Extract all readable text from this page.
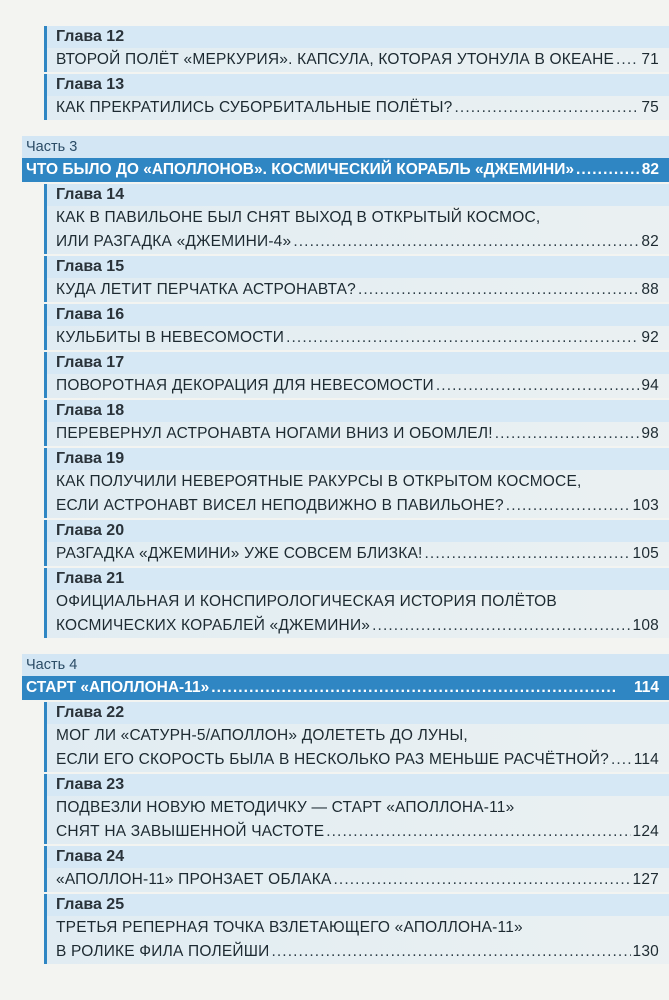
Глава 12
ВТОРОЙ ПОЛЁТ «МЕРКУРИЯ». КАПСУЛА, КОТОРАЯ УТОНУЛА В ОКЕАНЕ . . . 71
Глава 13
КАК ПРЕКРАТИЛИСЬ СУБОРБИТАЛЬНЫЕ ПОЛЁТЫ? . . .	75
Часть 3
ЧТО БЫЛО ДО «АПОЛЛОНОВ». КОСМИЧЕСКИЙ КОРАБЛЬ «ДЖЕМИНИ» . . .	82
Глава 14
КАК В ПАВИЛЬОНЕ БЫЛ СНЯТ ВЫХОД В ОТКРЫТЫЙ КОСМОС,
ИЛИ РАЗГАДКА «ДЖЕМИНИ-4» . . .	82
Глава 15
КУДА ЛЕТИТ ПЕРЧАТКА АСТРОНАВТА? . . .	88
Глава 16
КУЛЬБИТЫ В НЕВЕСОМОСТИ . . .	92
Глава 17
ПОВОРОТНАЯ ДЕКОРАЦИЯ ДЛЯ НЕВЕСОМОСТИ . . .	94
Глава 18
ПЕРЕВЕРНУЛ АСТРОНАВТА НОГАМИ ВНИЗ И ОБОМЛЕЛ! . . .	98
Глава 19
КАК ПОЛУЧИЛИ НЕВЕРОЯТНЫЕ РАКУРСЫ В ОТКРЫТОМ КОСМОСЕ,
ЕСЛИ АСТРОНАВТ ВИСЕЛ НЕПОДВИЖНО В ПАВИЛЬОНЕ? . . .	103
Глава 20
РАЗГАДКА «ДЖЕМИНИ» УЖЕ СОВСЕМ БЛИЗКА! . . .	105
Глава 21
ОФИЦИАЛЬНАЯ И КОНСПИРОЛОГИЧЕСКАЯ ИСТОРИЯ ПОЛЁТОВ
КОСМИЧЕСКИХ КОРАБЛЕЙ «ДЖЕМИНИ» . . .	108
Часть 4
СТАРТ «АПОЛЛОНА-11» . . .	114
Глава 22
МОГ ЛИ «САТУРН-5/АПОЛЛОН» ДОЛЕТЕТЬ ДО ЛУНЫ,
ЕСЛИ ЕГО СКОРОСТЬ БЫЛА В НЕСКОЛЬКО РАЗ МЕНЬШЕ РАСЧЁТНОЙ? . . . 114
Глава 23
ПОДВЕЗЛИ НОВУЮ МЕТОДИЧКУ — СТАРТ «АПОЛЛОНА-11»
СНЯТ НА ЗАВЫШЕННОЙ ЧАСТОТЕ . . .	124
Глава 24
«АПОЛЛОН-11» ПРОНЗАЕТ ОБЛАКА . . .	127
Глава 25
ТРЕТЬЯ РЕПЕРНАЯ ТОЧКА ВЗЛЕТАЮЩЕГО «АПОЛЛОНА-11»
В РОЛИКЕ ФИЛА ПОЛЕЙШИ . . .	130
